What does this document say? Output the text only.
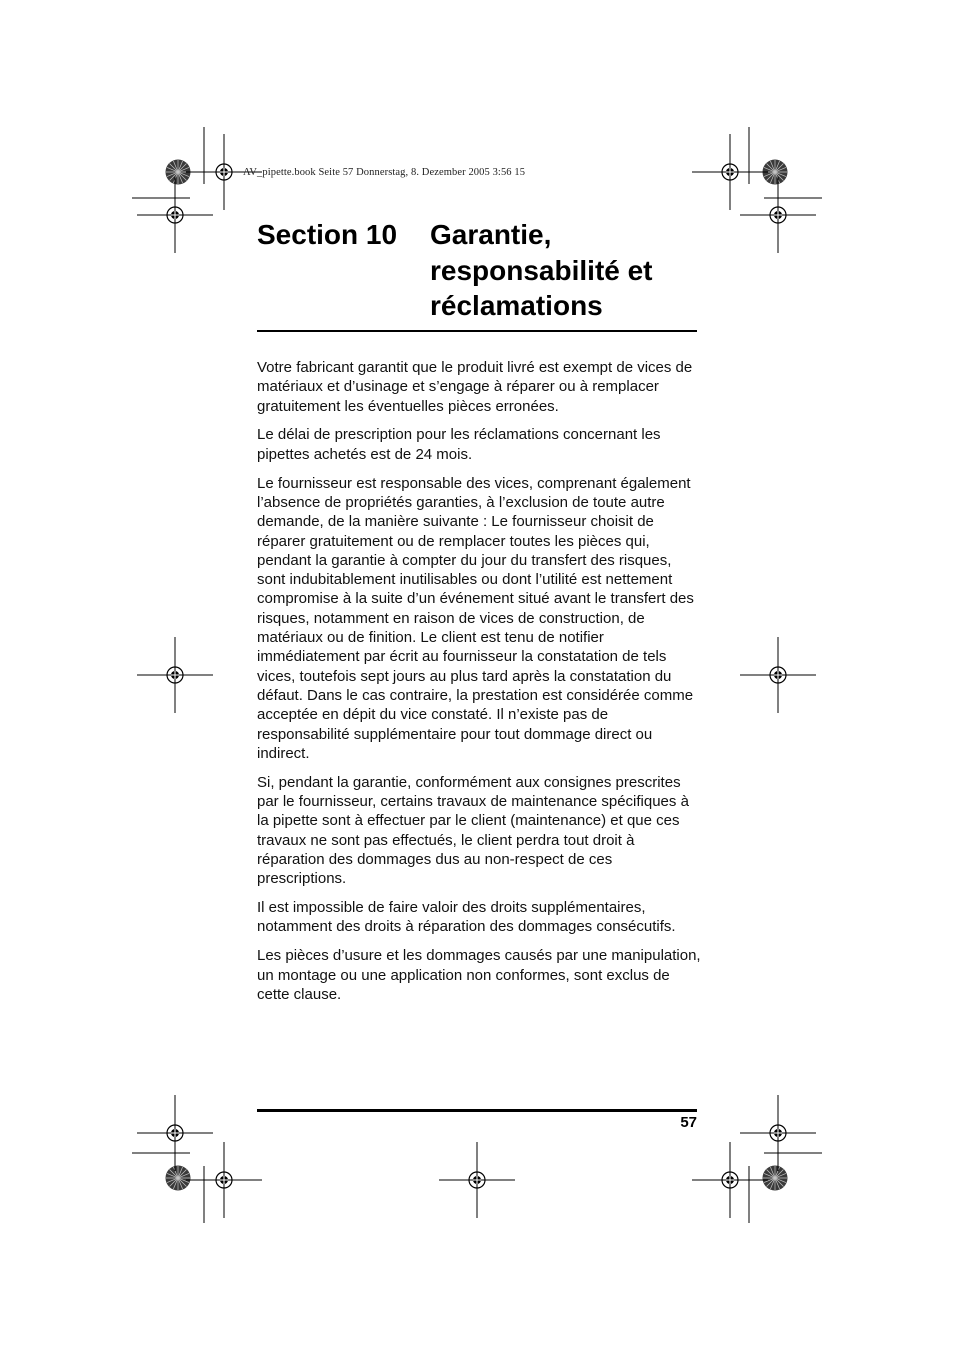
AV_pipette.book Seite 57 Donnerstag, 8. Dezember 2005 3:56 15
Section 10 Garantie, responsabilité et réclamations

Votre fabricant garantit que le produit livré est exempt de vices de matériaux et d’usinage et s’engage à réparer ou à remplacer gratuitement les éventuelles pièces erronées.

Le délai de prescription pour les réclamations concernant les pipettes achetés est de 24 mois.

Le fournisseur est responsable des vices, comprenant également l’absence de propriétés garanties, à l’exclusion de toute autre demande, de la manière suivante : Le fournisseur choisit de réparer gratuitement ou de remplacer toutes les pièces qui, pendant la garantie à compter du jour du transfert des risques, sont indubitablement inutilisables ou dont l’utilité est nettement compromise à la suite d’un événement situé avant le transfert des risques, notamment en raison de vices de construction, de matériaux ou de finition. Le client est tenu de notifier immédiatement par écrit au fournisseur la constatation de tels vices, toutefois sept jours au plus tard après la constatation du défaut. Dans le cas contraire, la prestation est considérée comme acceptée en dépit du vice constaté. Il n’existe pas de responsabilité supplémentaire pour tout dommage direct ou indirect.

Si, pendant la garantie, conformément aux consignes prescrites par le fournisseur, certains travaux de maintenance spécifiques à la pipette sont à effectuer par le client (maintenance) et que ces travaux ne sont pas effectués, le client perdra tout droit à réparation des dommages dus au non-respect de ces prescriptions.

Il est impossible de faire valoir des droits supplémentaires, notamment des droits à réparation des dommages consécutifs.

Les pièces d’usure et les dommages causés par une manipulation, un montage ou une application non conformes, sont exclus de cette clause.

57
